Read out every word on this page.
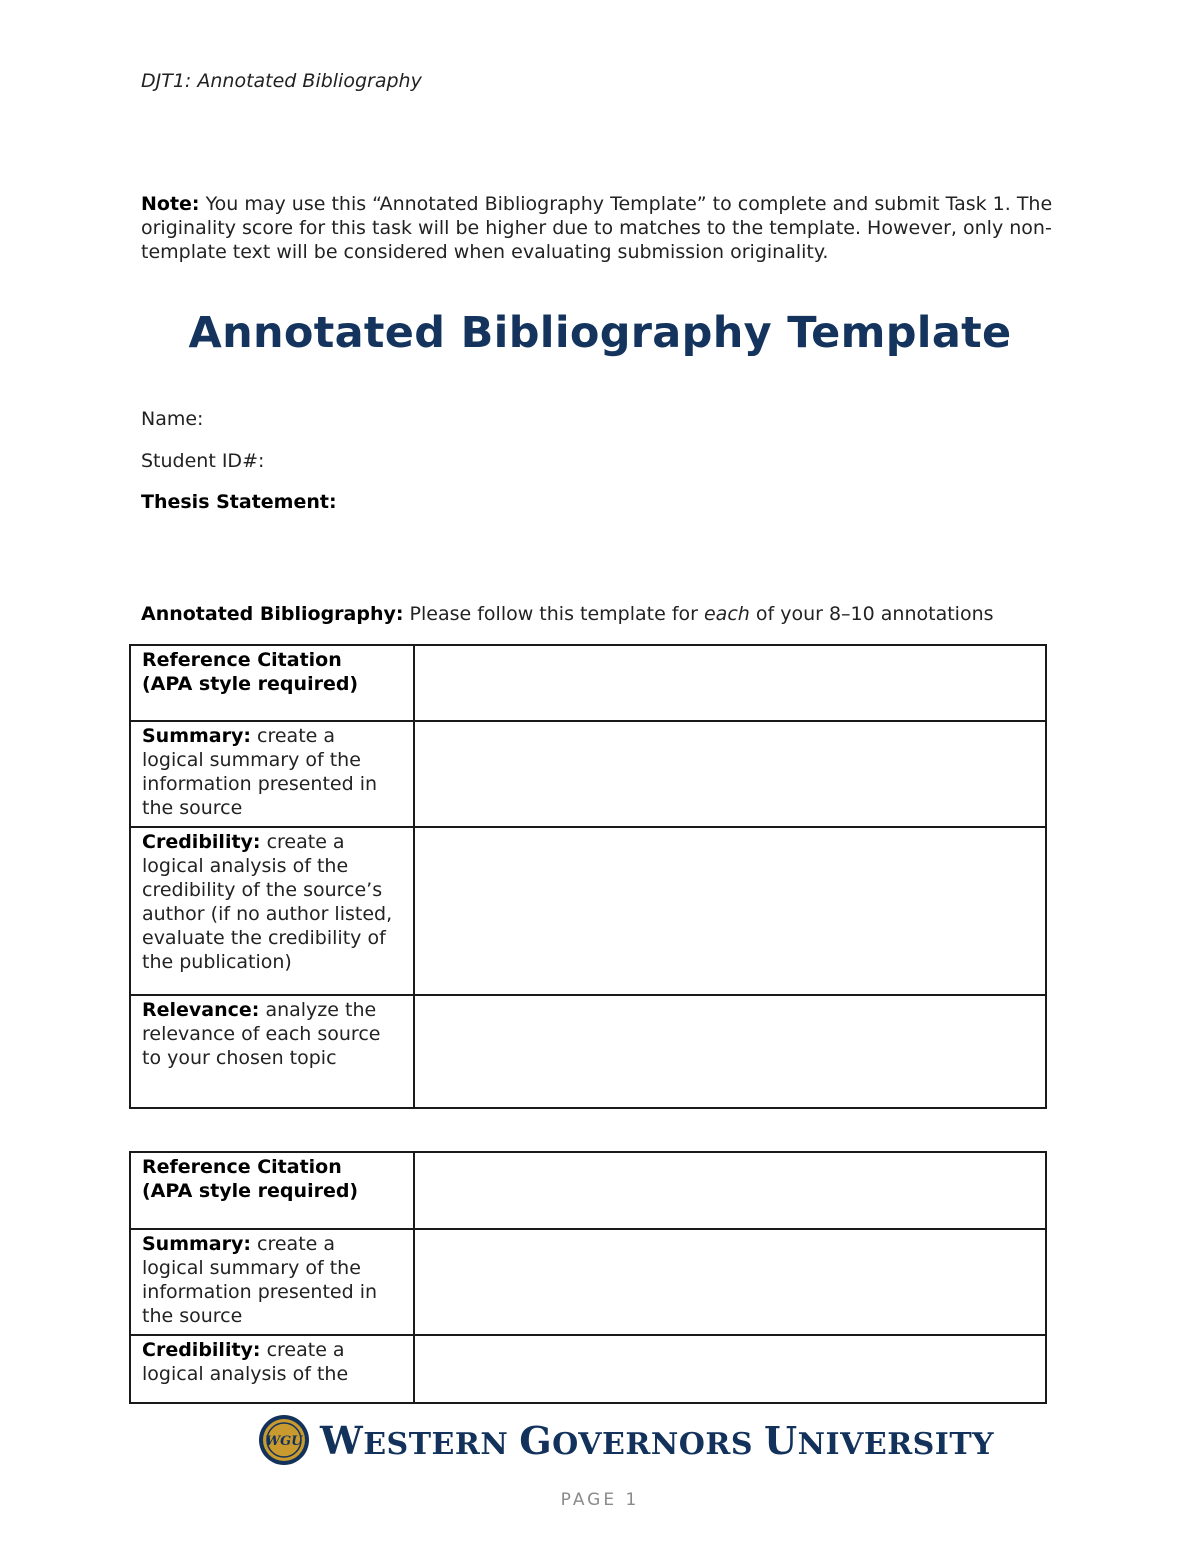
DJT1: Annotated Bibliography
Note: You may use this “Annotated Bibliography Template” to complete and submit Task 1. The originality score for this task will be higher due to matches to the template. However, only non-template text will be considered when evaluating submission originality.
Annotated Bibliography Template
Name:
Student ID#:
Thesis Statement:
Annotated Bibliography: Please follow this template for each of your 8–10 annotations
Reference Citation
(APA style required)	
Summary: create a logical summary of the information presented in the source	
Credibility: create a logical analysis of the credibility of the source’s author (if no author listed, evaluate the credibility of the publication)	
Relevance: analyze the relevance of each source to your chosen topic	
Reference Citation
(APA style required)	
Summary: create a logical summary of the information presented in the source	
Credibility: create a logical analysis of the	
WGU WESTERN GOVERNORS UNIVERSITY
PAGE 1
